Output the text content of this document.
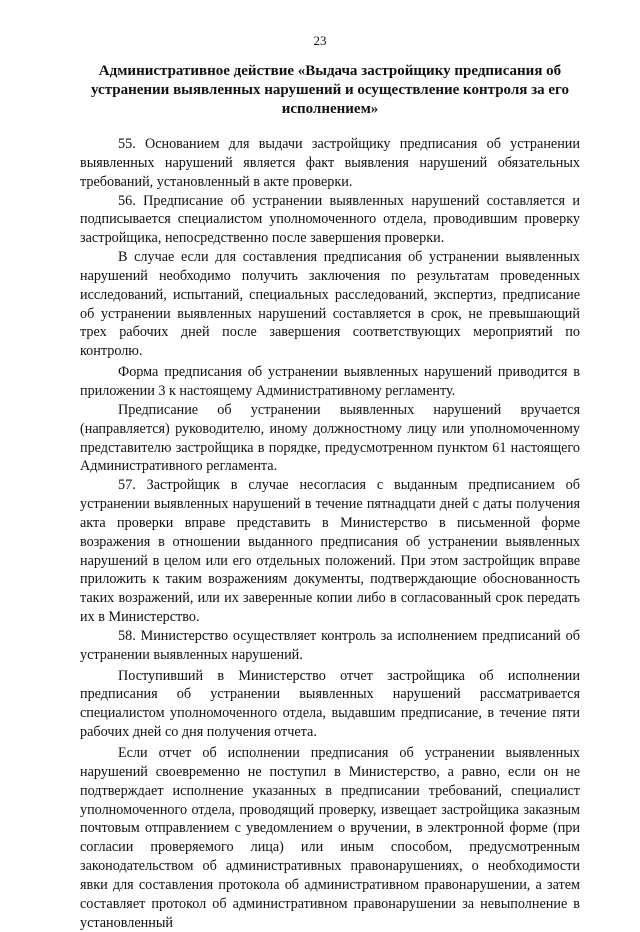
23
Административное действие «Выдача застройщику предписания об устранении выявленных нарушений и осуществление контроля за его исполнением»

55. Основанием для выдачи застройщику предписания об устранении выявленных нарушений является факт выявления нарушений обязательных требований, установленный в акте проверки.

56. Предписание об устранении выявленных нарушений составляется и подписывается специалистом уполномоченного отдела, проводившим проверку застройщика, непосредственно после завершения проверки.

В случае если для составления предписания об устранении выявленных нарушений необходимо получить заключения по результатам проведенных исследований, испытаний, специальных расследований, экспертиз, предписание об устранении выявленных нарушений составляется в срок, не превышающий трех рабочих дней после завершения соответствующих мероприятий по контролю.

Форма предписания об устранении выявленных нарушений приводится в приложении 3 к настоящему Административному регламенту.

Предписание об устранении выявленных нарушений вручается (направляется) руководителю, иному должностному лицу или уполномоченному представителю застройщика в порядке, предусмотренном пунктом 61 настоящего Административного регламента.

57. Застройщик в случае несогласия с выданным предписанием об устранении выявленных нарушений в течение пятнадцати дней с даты получения акта проверки вправе представить в Министерство в письменной форме возражения в отношении выданного предписания об устранении выявленных нарушений в целом или его отдельных положений. При этом застройщик вправе приложить к таким возражениям документы, подтверждающие обоснованность таких возражений, или их заверенные копии либо в согласованный срок передать их в Министерство.

58. Министерство осуществляет контроль за исполнением предписаний об устранении выявленных нарушений.

Поступивший в Министерство отчет застройщика об исполнении предписания об устранении выявленных нарушений рассматривается специалистом уполномоченного отдела, выдавшим предписание, в течение пяти рабочих дней со дня получения отчета.

Если отчет об исполнении предписания об устранении выявленных нарушений своевременно не поступил в Министерство, а равно, если он не подтверждает исполнение указанных в предписании требований, специалист уполномоченного отдела, проводящий проверку, извещает застройщика заказным почтовым отправлением с уведомлением о вручении, в электронной форме (при согласии проверяемого лица) или иным способом, предусмотренным законодательством об административных правонарушениях, о необходимости явки для составления протокола об административном правонарушении, а затем составляет протокол об административном правонарушении за невыполнение в установленный
